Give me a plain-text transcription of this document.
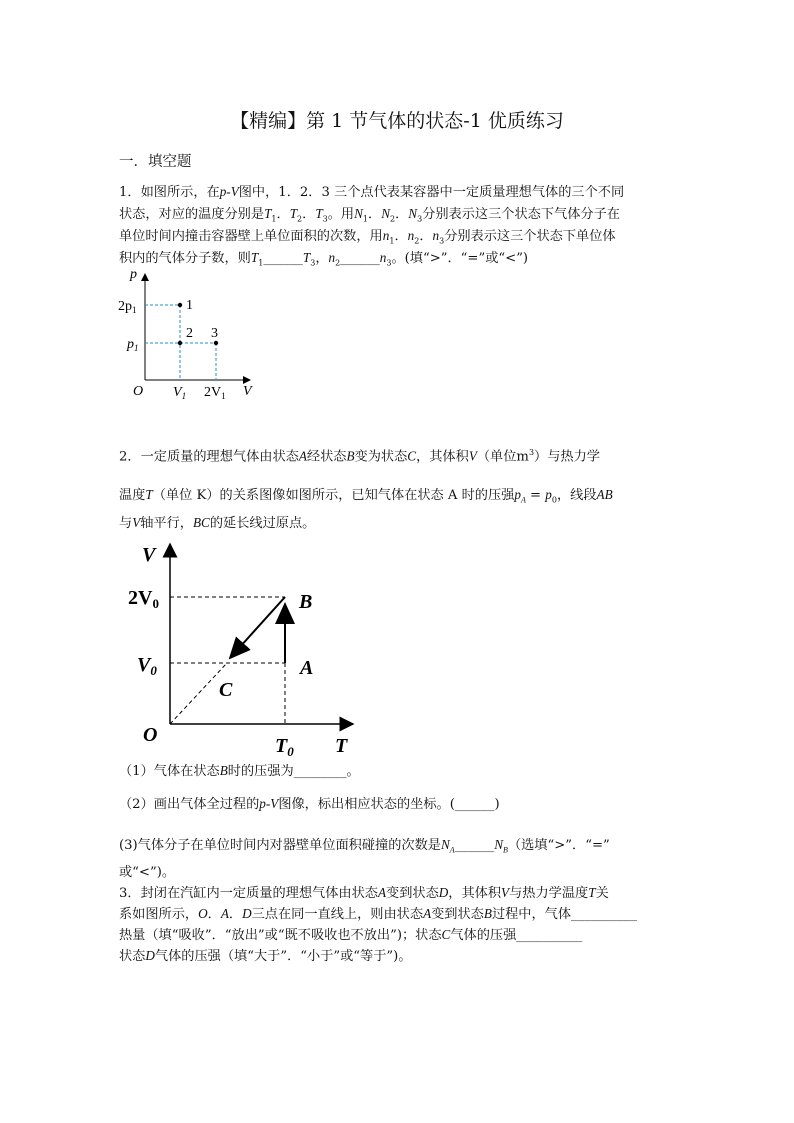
【精编】第 1 节气体的状态-1 优质练习
一．填空题
1．如图所示，在p-V图中，1．2．3 三个点代表某容器中一定质量理想气体的三个不同
状态，对应的温度分别是$T_1$．$T_2$．$T_3$。用$N_1$．$N_2$．$N_3$分别表示这三个状态下气体分子在
单位时间内撞击容器壁上单位面积的次数，用$n_1$．$n_2$．$n_3$分别表示这三个状态下单位体
积内的气体分子数，则$T_1\_\_\_\_\_\_T_3$，$n_2\_\_\_\_\_\_n_3$。(填“>”．“=”或“<”)
p
O	V
$2p_1$
$p_1$
$V_1$ $2V_1$
1
2 3
2．一定质量的理想气体由状态A经状态B变为状态C，其体积V（单位$m^3$）与热力学
温度T（单位 K）的关系图像如图所示，已知气体在状态 A 时的压强$p_A = p_0$，线段AB
与V轴平行，BC的延长线过原点。
V
T
O
$2V_0$
$V_0$
$T_0$
A
B
C
（1）气体在状态B时的压强为________。
（2）画出气体全过程的p-V图像，标出相应状态的坐标。(______)
(3)气体分子在单位时间内对器壁单位面积碰撞的次数是$N_A\_\_\_\_\_\_N_B$（选填“>”．“=”
或“<”)。
3．封闭在汽缸内一定质量的理想气体由状态A变到状态D，其体积V与热力学温度T关
系如图所示，O．A．D三点在同一直线上，则由状态A变到状态B过程中，气体__________
热量（填“吸收”．“放出”或“既不吸收也不放出”)；状态C气体的压强__________
状态D气体的压强（填“大于”．“小于”或“等于”)。
